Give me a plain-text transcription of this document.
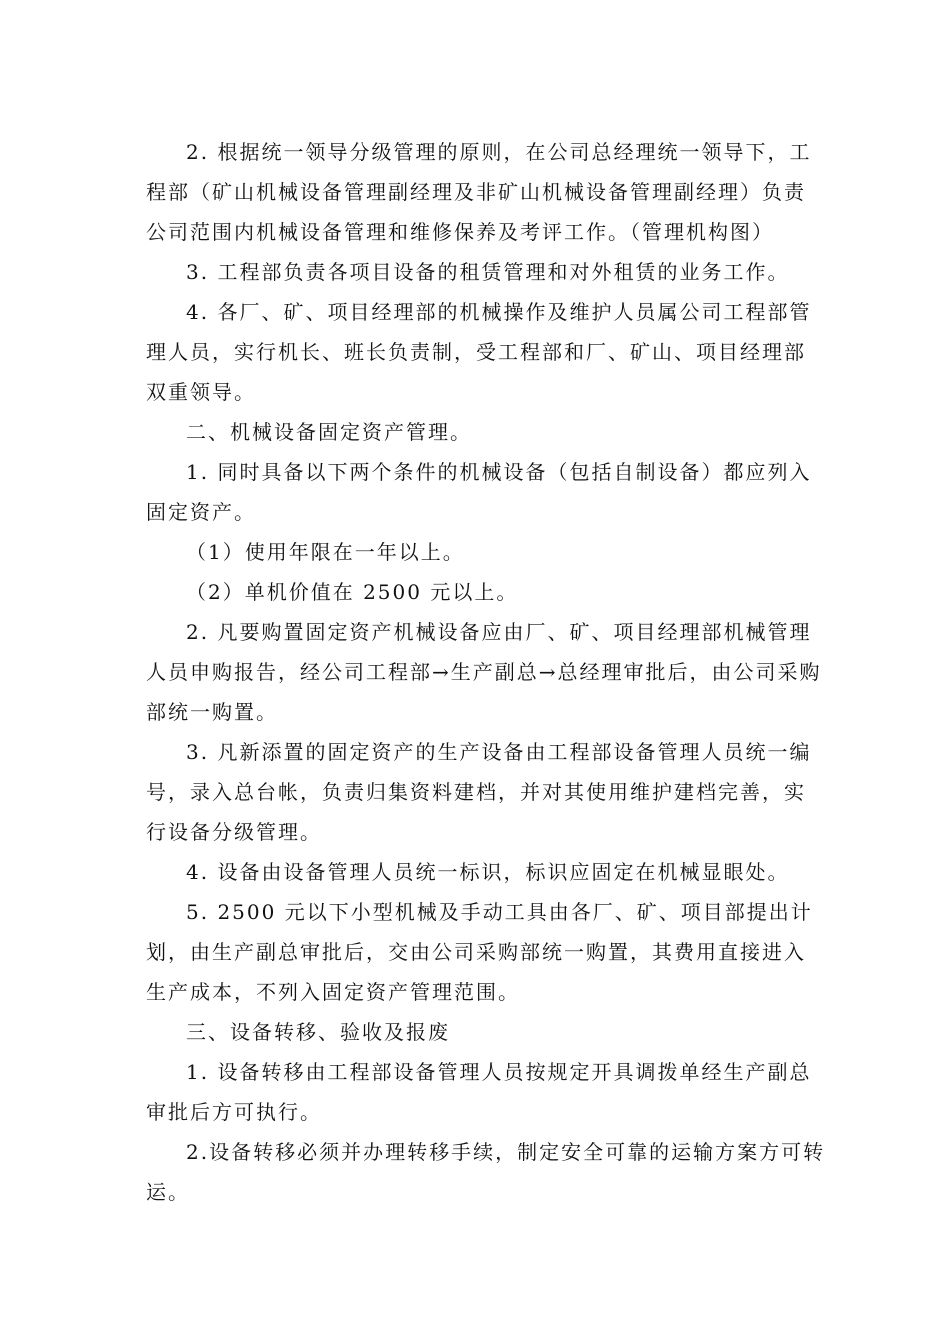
2. 根据统一领导分级管理的原则，在公司总经理统一领导下，工程部（矿山机械设备管理副经理及非矿山机械设备管理副经理）负责公司范围内机械设备管理和维修保养及考评工作。（管理机构图）

3. 工程部负责各项目设备的租赁管理和对外租赁的业务工作。

4. 各厂、矿、项目经理部的机械操作及维护人员属公司工程部管理人员，实行机长、班长负责制，受工程部和厂、矿山、项目经理部双重领导。

二、机械设备固定资产管理。

1. 同时具备以下两个条件的机械设备（包括自制设备）都应列入固定资产。

（1）使用年限在一年以上。

（2）单机价值在 2500 元以上。

2. 凡要购置固定资产机械设备应由厂、矿、项目经理部机械管理人员申购报告，经公司工程部→生产副总→总经理审批后，由公司采购部统一购置。

3. 凡新添置的固定资产的生产设备由工程部设备管理人员统一编号，录入总台帐，负责归集资料建档，并对其使用维护建档完善，实行设备分级管理。

4. 设备由设备管理人员统一标识，标识应固定在机械显眼处。

5. 2500 元以下小型机械及手动工具由各厂、矿、项目部提出计划，由生产副总审批后，交由公司采购部统一购置，其费用直接进入生产成本，不列入固定资产管理范围。

三、设备转移、验收及报废

1. 设备转移由工程部设备管理人员按规定开具调拨单经生产副总审批后方可执行。

2.设备转移必须并办理转移手续，制定安全可靠的运输方案方可转运。
